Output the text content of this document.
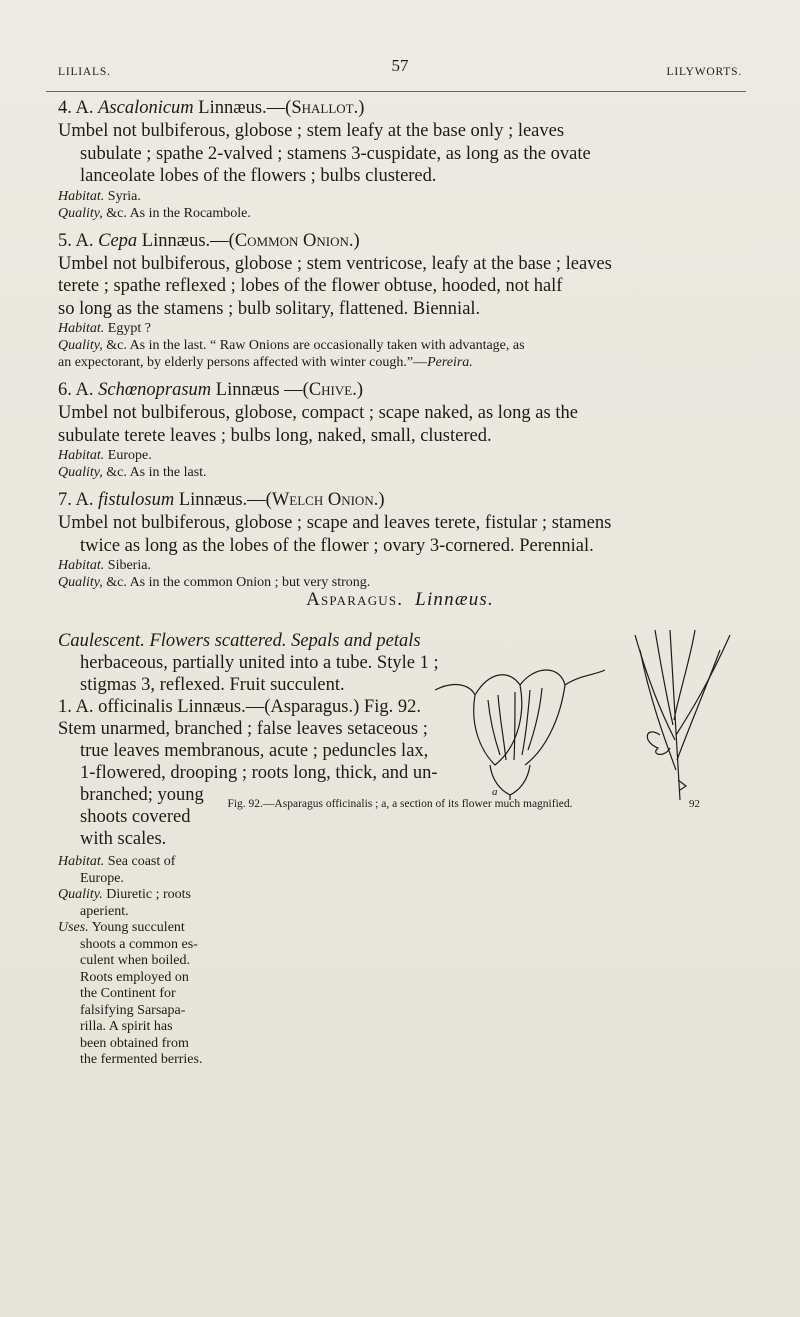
LILIALS.	57	LILYWORTS.
4. A. Ascalonicum Linnæus.—(Shallot.)

Umbel not bulbiferous, globose ; stem leafy at the base only ; leaves

subulate ; spathe 2-valved ; stamens 3-cuspidate, as long as the ovate

lanceolate lobes of the flowers ; bulbs clustered.

Habitat. Syria.
Quality, &c. As in the Rocambole.
5. A. Cepa Linnæus.—(Common Onion.)

Umbel not bulbiferous, globose ; stem ventricose, leafy at the base ; leaves

terete ; spathe reflexed ; lobes of the flower obtuse, hooded, not half

so long as the stamens ; bulb solitary, flattened. Biennial.

Habitat. Egypt ?
Quality, &c. As in the last. “ Raw Onions are occasionally taken with advantage, as
an expectorant, by elderly persons affected with winter cough.”—Pereira.
6. A. Schœnoprasum Linnæus —(Chive.)

Umbel not bulbiferous, globose, compact ; scape naked, as long as the

subulate terete leaves ; bulbs long, naked, small, clustered.

Habitat. Europe.
Quality, &c. As in the last.
7. A. fistulosum Linnæus.—(Welch Onion.)

Umbel not bulbiferous, globose ; scape and leaves terete, fistular ; stamens

twice as long as the lobes of the flower ; ovary 3-cornered. Perennial.

Habitat. Siberia.
Quality, &c. As in the common Onion ; but very strong.
Asparagus. Linnæus.
Caulescent. Flowers scattered. Sepals and petals
herbaceous, partially united into a tube. Style 1 ;
stigmas 3, reflexed. Fruit succulent.
1. A. officinalis Linnæus.—(Asparagus.) Fig. 92.
Stem unarmed, branched ; false leaves setaceous ;
true leaves membranous, acute ; peduncles lax,
1-flowered, drooping ; roots long, thick, and un-
branched; young
shoots covered
with scales.
Habitat. Sea coast of
Europe.
Quality. Diuretic ; roots
aperient.
Uses. Young succulent
shoots a common es-
culent when boiled.
Roots employed on
the Continent for
falsifying Sarsapa-
rilla. A spirit has
been obtained from
the fermented berries.
a
92
Fig. 92.—Asparagus officinalis ; a, a section of its flower much magnified.
